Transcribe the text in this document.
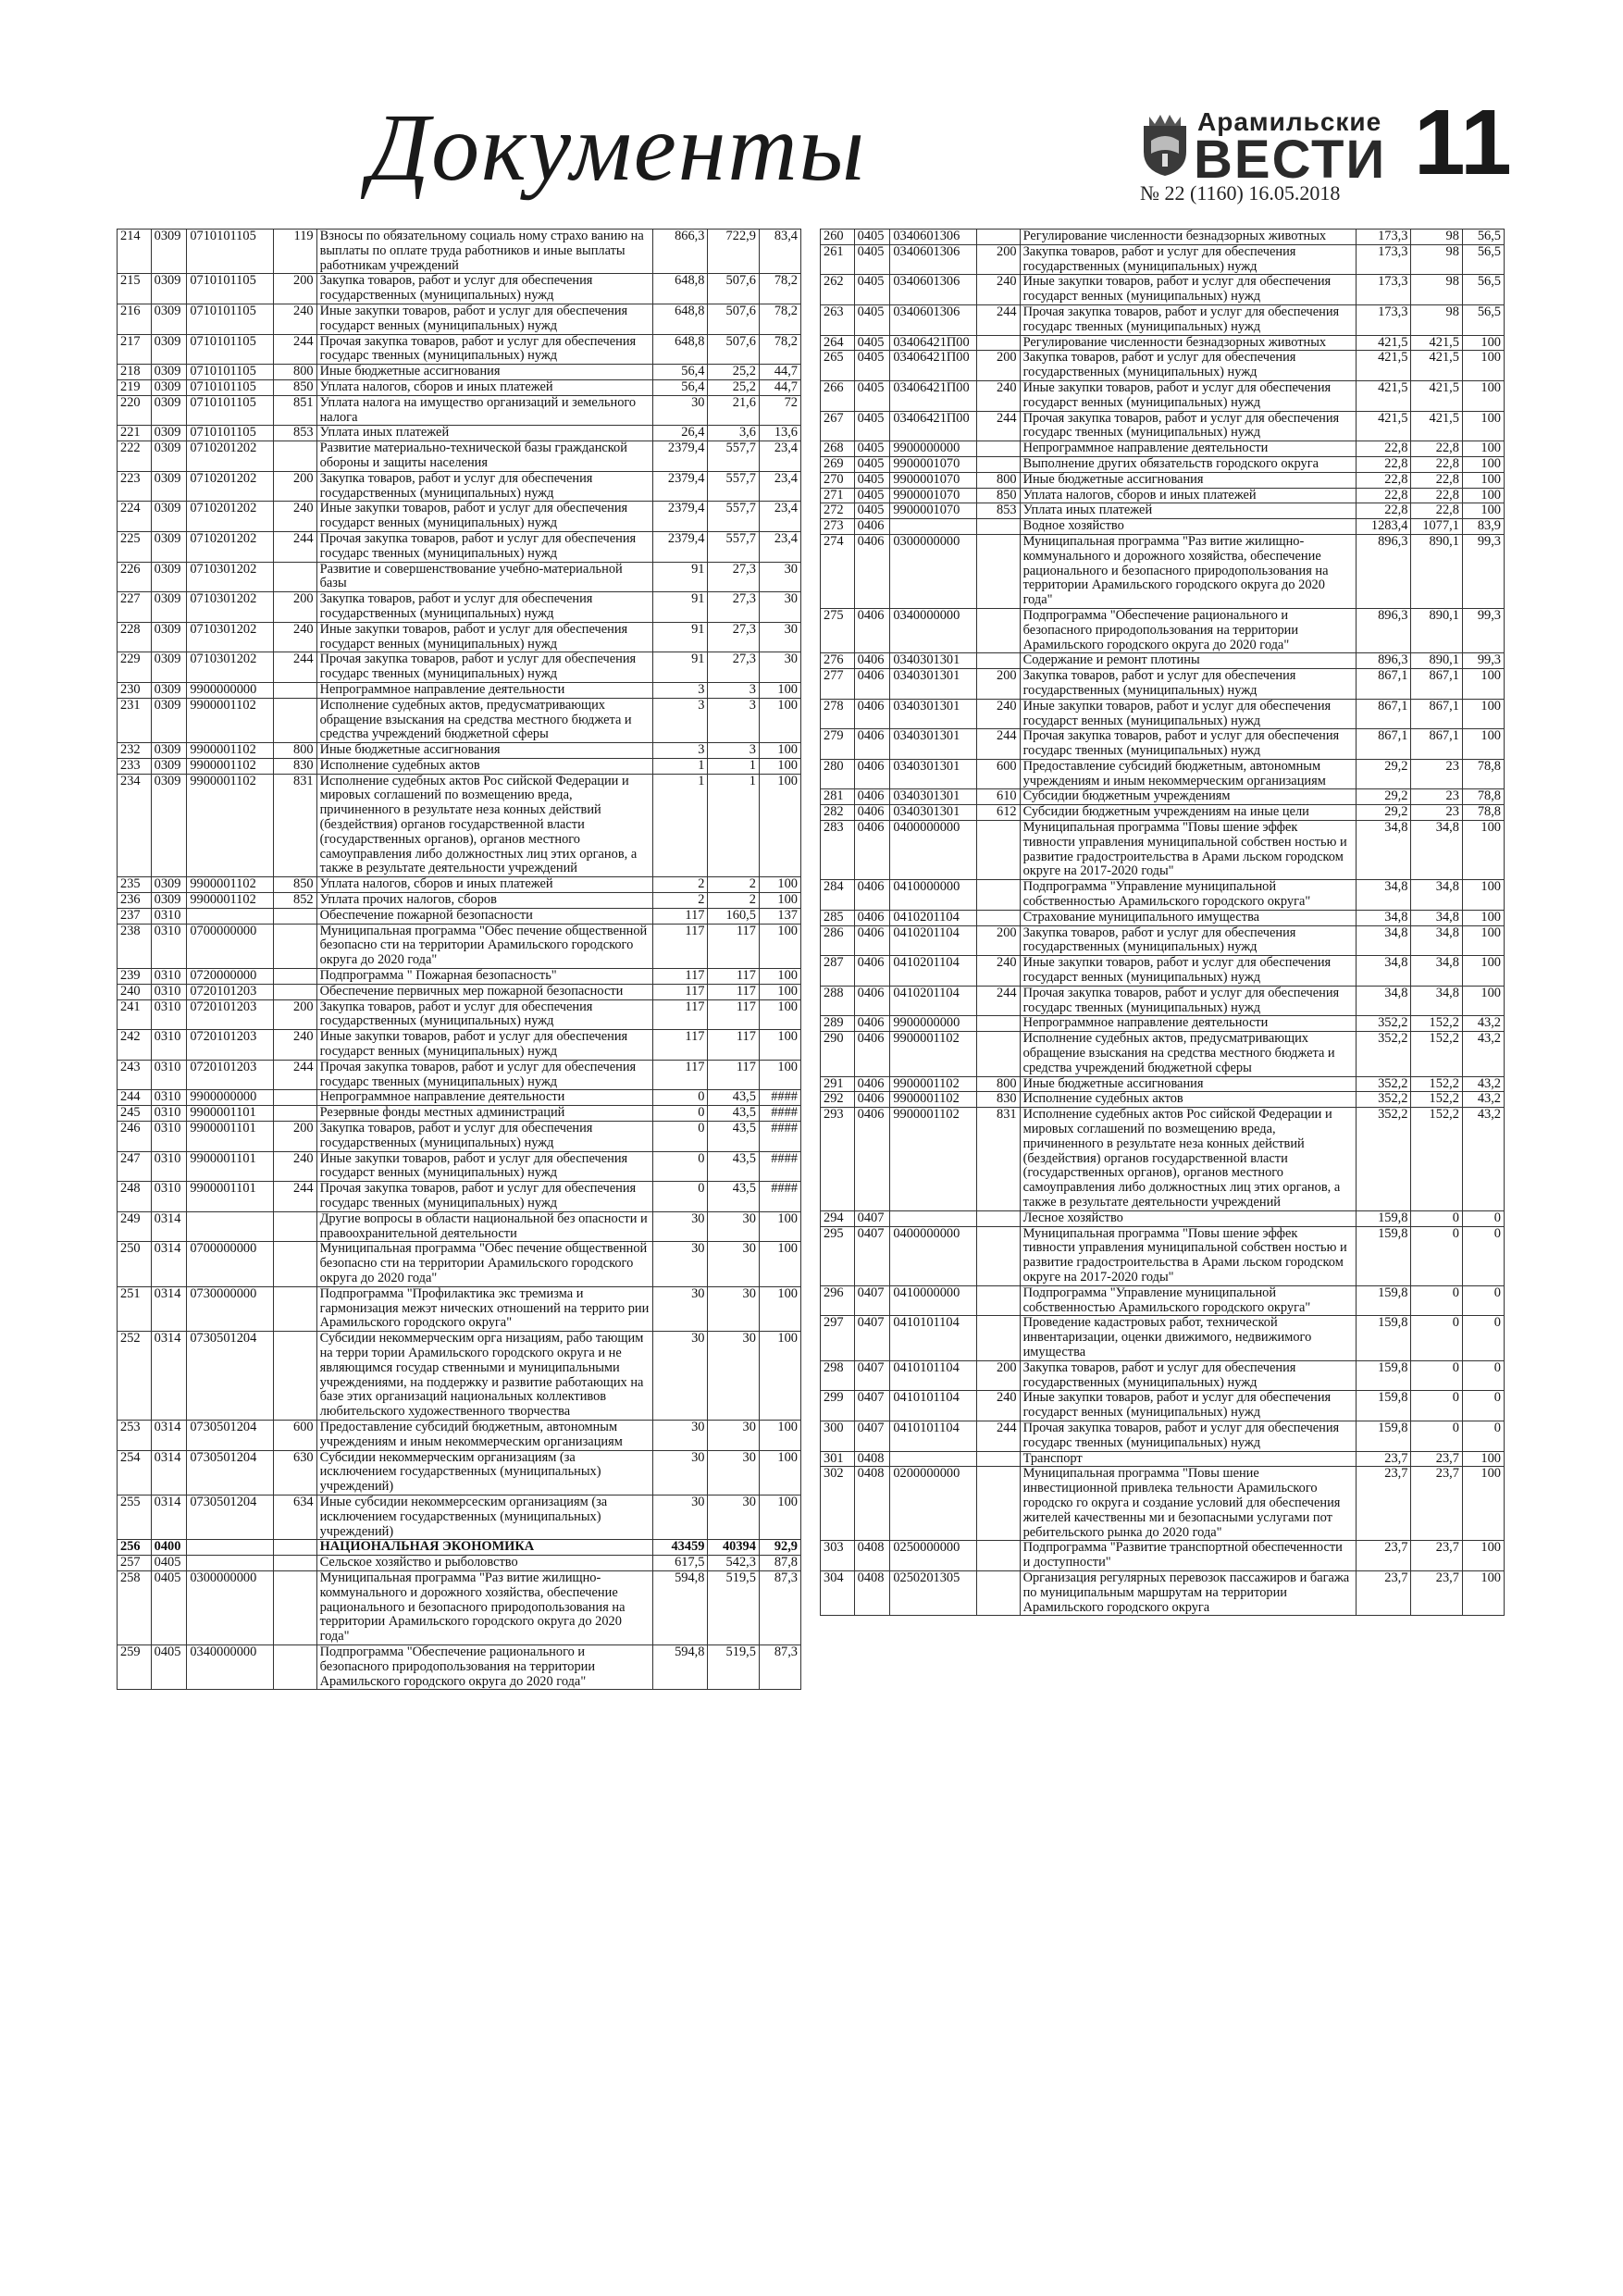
Документы	Арамильские
ВЕСТИ
№ 22 (1160) 16.05.2018 11
214	0309	0710101105	119	Взносы по обязательному социаль ному страхо ванию на выплаты по оплате труда работников и иные выплаты работникам учреждений	866,3	722,9	83,4
215	0309	0710101105	200	Закупка товаров, работ и услуг для обеспечения государственных (муниципальных) нужд	648,8	507,6	78,2
216	0309	0710101105	240	Иные закупки товаров, работ и услуг для обеспечения государст венных (муниципальных) нужд	648,8	507,6	78,2
217	0309	0710101105	244	Прочая закупка товаров, работ и услуг для обеспечения государс твенных (муниципальных) нужд	648,8	507,6	78,2
218	0309	0710101105	800	Иные бюджетные ассигнования	56,4	25,2	44,7
219	0309	0710101105	850	Уплата налогов, сборов и иных платежей	56,4	25,2	44,7
220	0309	0710101105	851	Уплата налога на имущество организаций и земельного налога	30	21,6	72
221	0309	0710101105	853	Уплата иных платежей	26,4	3,6	13,6
222	0309	0710201202		Развитие материально-технической базы гражданской обороны и защиты населения	2379,4	557,7	23,4
223	0309	0710201202	200	Закупка товаров, работ и услуг для обеспечения государственных (муниципальных) нужд	2379,4	557,7	23,4
224	0309	0710201202	240	Иные закупки товаров, работ и услуг для обеспечения государст венных (муниципальных) нужд	2379,4	557,7	23,4
225	0309	0710201202	244	Прочая закупка товаров, работ и услуг для обеспечения государс твенных (муниципальных) нужд	2379,4	557,7	23,4
226	0309	0710301202		Развитие и совершенствование учебно-материальной базы	91	27,3	30
227	0309	0710301202	200	Закупка товаров, работ и услуг для обеспечения государственных (муниципальных) нужд	91	27,3	30
228	0309	0710301202	240	Иные закупки товаров, работ и услуг для обеспечения государст венных (муниципальных) нужд	91	27,3	30
229	0309	0710301202	244	Прочая закупка товаров, работ и услуг для обеспечения государс твенных (муниципальных) нужд	91	27,3	30
230	0309	9900000000		Непрограммное направление деятельности	3	3	100
231	0309	9900001102		Исполнение судебных актов, предусматривающих обращение взыскания на средства местного бюджета и средства учреждений бюджетной сферы	3	3	100
232	0309	9900001102	800	Иные бюджетные ассигнования	3	3	100
233	0309	9900001102	830	Исполнение судебных актов	1	1	100
234	0309	9900001102	831	Исполнение судебных актов Рос сийской Федерации и мировых соглашений по возмещению вреда, причиненного в результате неза конных действий (бездействия) органов государственной власти (государственных органов), органов местного самоуправления либо должностных лиц этих органов, а также в результате деятельности учреждений	1	1	100
235	0309	9900001102	850	Уплата налогов, сборов и иных платежей	2	2	100
236	0309	9900001102	852	Уплата прочих налогов, сборов	2	2	100
237	0310			Обеспечение пожарной безопасности	117	160,5	137
238	0310	0700000000		Муниципальная программа "Обес печение общественной безопасно сти на территории Арамильского городского округа до 2020 года"	117	117	100
239	0310	0720000000		Подпрограмма " Пожарная безопасность"	117	117	100
240	0310	0720101203		Обеспечение первичных мер пожарной безопасности	117	117	100
241	0310	0720101203	200	Закупка товаров, работ и услуг для обеспечения государственных (муниципальных) нужд	117	117	100
242	0310	0720101203	240	Иные закупки товаров, работ и услуг для обеспечения государст венных (муниципальных) нужд	117	117	100
243	0310	0720101203	244	Прочая закупка товаров, работ и услуг для обеспечения государс твенных (муниципальных) нужд	117	117	100
244	0310	9900000000		Непрограммное направление деятельности	0	43,5	####
245	0310	9900001101		Резервные фонды местных администраций	0	43,5	####
246	0310	9900001101	200	Закупка товаров, работ и услуг для обеспечения государственных (муниципальных) нужд	0	43,5	####
247	0310	9900001101	240	Иные закупки товаров, работ и услуг для обеспечения государст венных (муниципальных) нужд	0	43,5	####
248	0310	9900001101	244	Прочая закупка товаров, работ и услуг для обеспечения государс твенных (муниципальных) нужд	0	43,5	####
249	0314			Другие вопросы в области национальной без опасности и правоохранительной деятельности	30	30	100
250	0314	0700000000		Муниципальная программа "Обес печение общественной безопасно сти на территории Арамильского городского округа до 2020 года"	30	30	100
251	0314	0730000000		Подпрограмма "Профилактика экс тремизма и гармонизация межэт нических отношений на террито рии Арамильского городского округа"	30	30	100
252	0314	0730501204		Субсидии некоммерческим орга низациям, рабо тающим на терри тории Арамильского городского округа и не являющимся государ ственными и муниципальными учреждениями, на поддержку и развитие работающих на базе этих организаций национальных коллективов любительского художественного творчества	30	30	100
253	0314	0730501204	600	Предоставление субсидий бюджетным, автономным учреждениям и иным некоммерческим организациям	30	30	100
254	0314	0730501204	630	Субсидии некоммерческим организациям (за исключением государственных (муниципальных) учреждений)	30	30	100
255	0314	0730501204	634	Иные субсидии некоммерсеским организациям (за исключением государственных (муниципальных) учреждений)	30	30	100
256	0400			НАЦИОНАЛЬНАЯ ЭКОНОМИКА	43459	40394	92,9
257	0405			Сельское хозяйство и рыболовство	617,5	542,3	87,8
258	0405	0300000000		Муниципальная программа "Раз витие жилищно-коммунального и дорожного хозяйства, обеспечение рационального и безопасного природопользования на территории Арамильского городского округа до 2020 года"	594,8	519,5	87,3
259	0405	0340000000		Подпрограмма "Обеспечение рационального и безопасного природопользования на территории Арамильского городского округа до 2020 года"	594,8	519,5	87,3
260	0405	0340601306		Регулирование численности безнадзорных животных	173,3	98	56,5
261	0405	0340601306	200	Закупка товаров, работ и услуг для обеспечения государственных (муниципальных) нужд	173,3	98	56,5
262	0405	0340601306	240	Иные закупки товаров, работ и услуг для обеспечения государст венных (муниципальных) нужд	173,3	98	56,5
263	0405	0340601306	244	Прочая закупка товаров, работ и услуг для обеспечения государс твенных (муниципальных) нужд	173,3	98	56,5
264	0405	03406421П00		Регулирование численности безнадзорных животных	421,5	421,5	100
265	0405	03406421П00	200	Закупка товаров, работ и услуг для обеспечения государственных (муниципальных) нужд	421,5	421,5	100
266	0405	03406421П00	240	Иные закупки товаров, работ и услуг для обеспечения государст венных (муниципальных) нужд	421,5	421,5	100
267	0405	03406421П00	244	Прочая закупка товаров, работ и услуг для обеспечения государс твенных (муниципальных) нужд	421,5	421,5	100
268	0405	9900000000		Непрограммное направление деятельности	22,8	22,8	100
269	0405	9900001070		Выполнение других обязательств городского округа	22,8	22,8	100
270	0405	9900001070	800	Иные бюджетные ассигнования	22,8	22,8	100
271	0405	9900001070	850	Уплата налогов, сборов и иных платежей	22,8	22,8	100
272	0405	9900001070	853	Уплата иных платежей	22,8	22,8	100
273	0406			Водное хозяйство	1283,4	1077,1	83,9
274	0406	0300000000		Муниципальная программа "Раз витие жилищно-коммунального и дорожного хозяйства, обеспечение рационального и безопасного природопользования на территории Арамильского городского округа до 2020 года"	896,3	890,1	99,3
275	0406	0340000000		Подпрограмма "Обеспечение рационального и безопасного природопользования на территории Арамильского городского округа до 2020 года"	896,3	890,1	99,3
276	0406	0340301301		Содержание и ремонт плотины	896,3	890,1	99,3
277	0406	0340301301	200	Закупка товаров, работ и услуг для обеспечения государственных (муниципальных) нужд	867,1	867,1	100
278	0406	0340301301	240	Иные закупки товаров, работ и услуг для обеспечения государст венных (муниципальных) нужд	867,1	867,1	100
279	0406	0340301301	244	Прочая закупка товаров, работ и услуг для обеспечения государс твенных (муниципальных) нужд	867,1	867,1	100
280	0406	0340301301	600	Предоставление субсидий бюджетным, автономным учреждениям и иным некоммерческим организациям	29,2	23	78,8
281	0406	0340301301	610	Субсидии бюджетным учреждениям	29,2	23	78,8
282	0406	0340301301	612	Субсидии бюджетным учреждениям на иные цели	29,2	23	78,8
283	0406	0400000000		Муниципальная программа "Повы шение эффек тивности управления муниципальной собствен ностью и развитие градостроительства в Арами льском городском округе на 2017-2020 годы"	34,8	34,8	100
284	0406	0410000000		Подпрограмма "Управление муниципальной собственностью Арамильского городского округа"	34,8	34,8	100
285	0406	0410201104		Страхование муниципального имущества	34,8	34,8	100
286	0406	0410201104	200	Закупка товаров, работ и услуг для обеспечения государственных (муниципальных) нужд	34,8	34,8	100
287	0406	0410201104	240	Иные закупки товаров, работ и услуг для обеспечения государст венных (муниципальных) нужд	34,8	34,8	100
288	0406	0410201104	244	Прочая закупка товаров, работ и услуг для обеспечения государс твенных (муниципальных) нужд	34,8	34,8	100
289	0406	9900000000		Непрограммное направление деятельности	352,2	152,2	43,2
290	0406	9900001102		Исполнение судебных актов, предусматривающих обращение взыскания на средства местного бюджета и средства учреждений бюджетной сферы	352,2	152,2	43,2
291	0406	9900001102	800	Иные бюджетные ассигнования	352,2	152,2	43,2
292	0406	9900001102	830	Исполнение судебных актов	352,2	152,2	43,2
293	0406	9900001102	831	Исполнение судебных актов Рос сийской Федерации и мировых соглашений по возмещению вреда, причиненного в результате неза конных действий (бездействия) органов государственной власти (государственных органов), органов местного самоуправления либо должностных лиц этих органов, а также в результате деятельности учреждений	352,2	152,2	43,2
294	0407			Лесное хозяйство	159,8	0	0
295	0407	0400000000		Муниципальная программа "Повы шение эффек тивности управления муниципальной собствен ностью и развитие градостроительства в Арами льском городском округе на 2017-2020 годы"	159,8	0	0
296	0407	0410000000		Подпрограмма "Управление муниципальной собственностью Арамильского городского округа"	159,8	0	0
297	0407	0410101104		Проведение кадастровых работ, технической инвентаризации, оценки движимого, недвижимого имущества	159,8	0	0
298	0407	0410101104	200	Закупка товаров, работ и услуг для обеспечения государственных (муниципальных) нужд	159,8	0	0
299	0407	0410101104	240	Иные закупки товаров, работ и услуг для обеспечения государст венных (муниципальных) нужд	159,8	0	0
300	0407	0410101104	244	Прочая закупка товаров, работ и услуг для обеспечения государс твенных (муниципальных) нужд	159,8	0	0
301	0408			Транспорт	23,7	23,7	100
302	0408	0200000000		Муниципальная программа "Повы шение инвестиционной привлека тельности Арамильского городско го округа и создание условий для обеспечения жителей качественны ми и безопасными услугами пот ребительского рынка до 2020 года"	23,7	23,7	100
303	0408	0250000000		Подпрограмма "Развитие транспортной обеспеченности и доступности"	23,7	23,7	100
304	0408	0250201305		Организация регулярных перевозок пассажиров и багажа по муниципальным маршрутам на территории Арамильского городского округа	23,7	23,7	100
